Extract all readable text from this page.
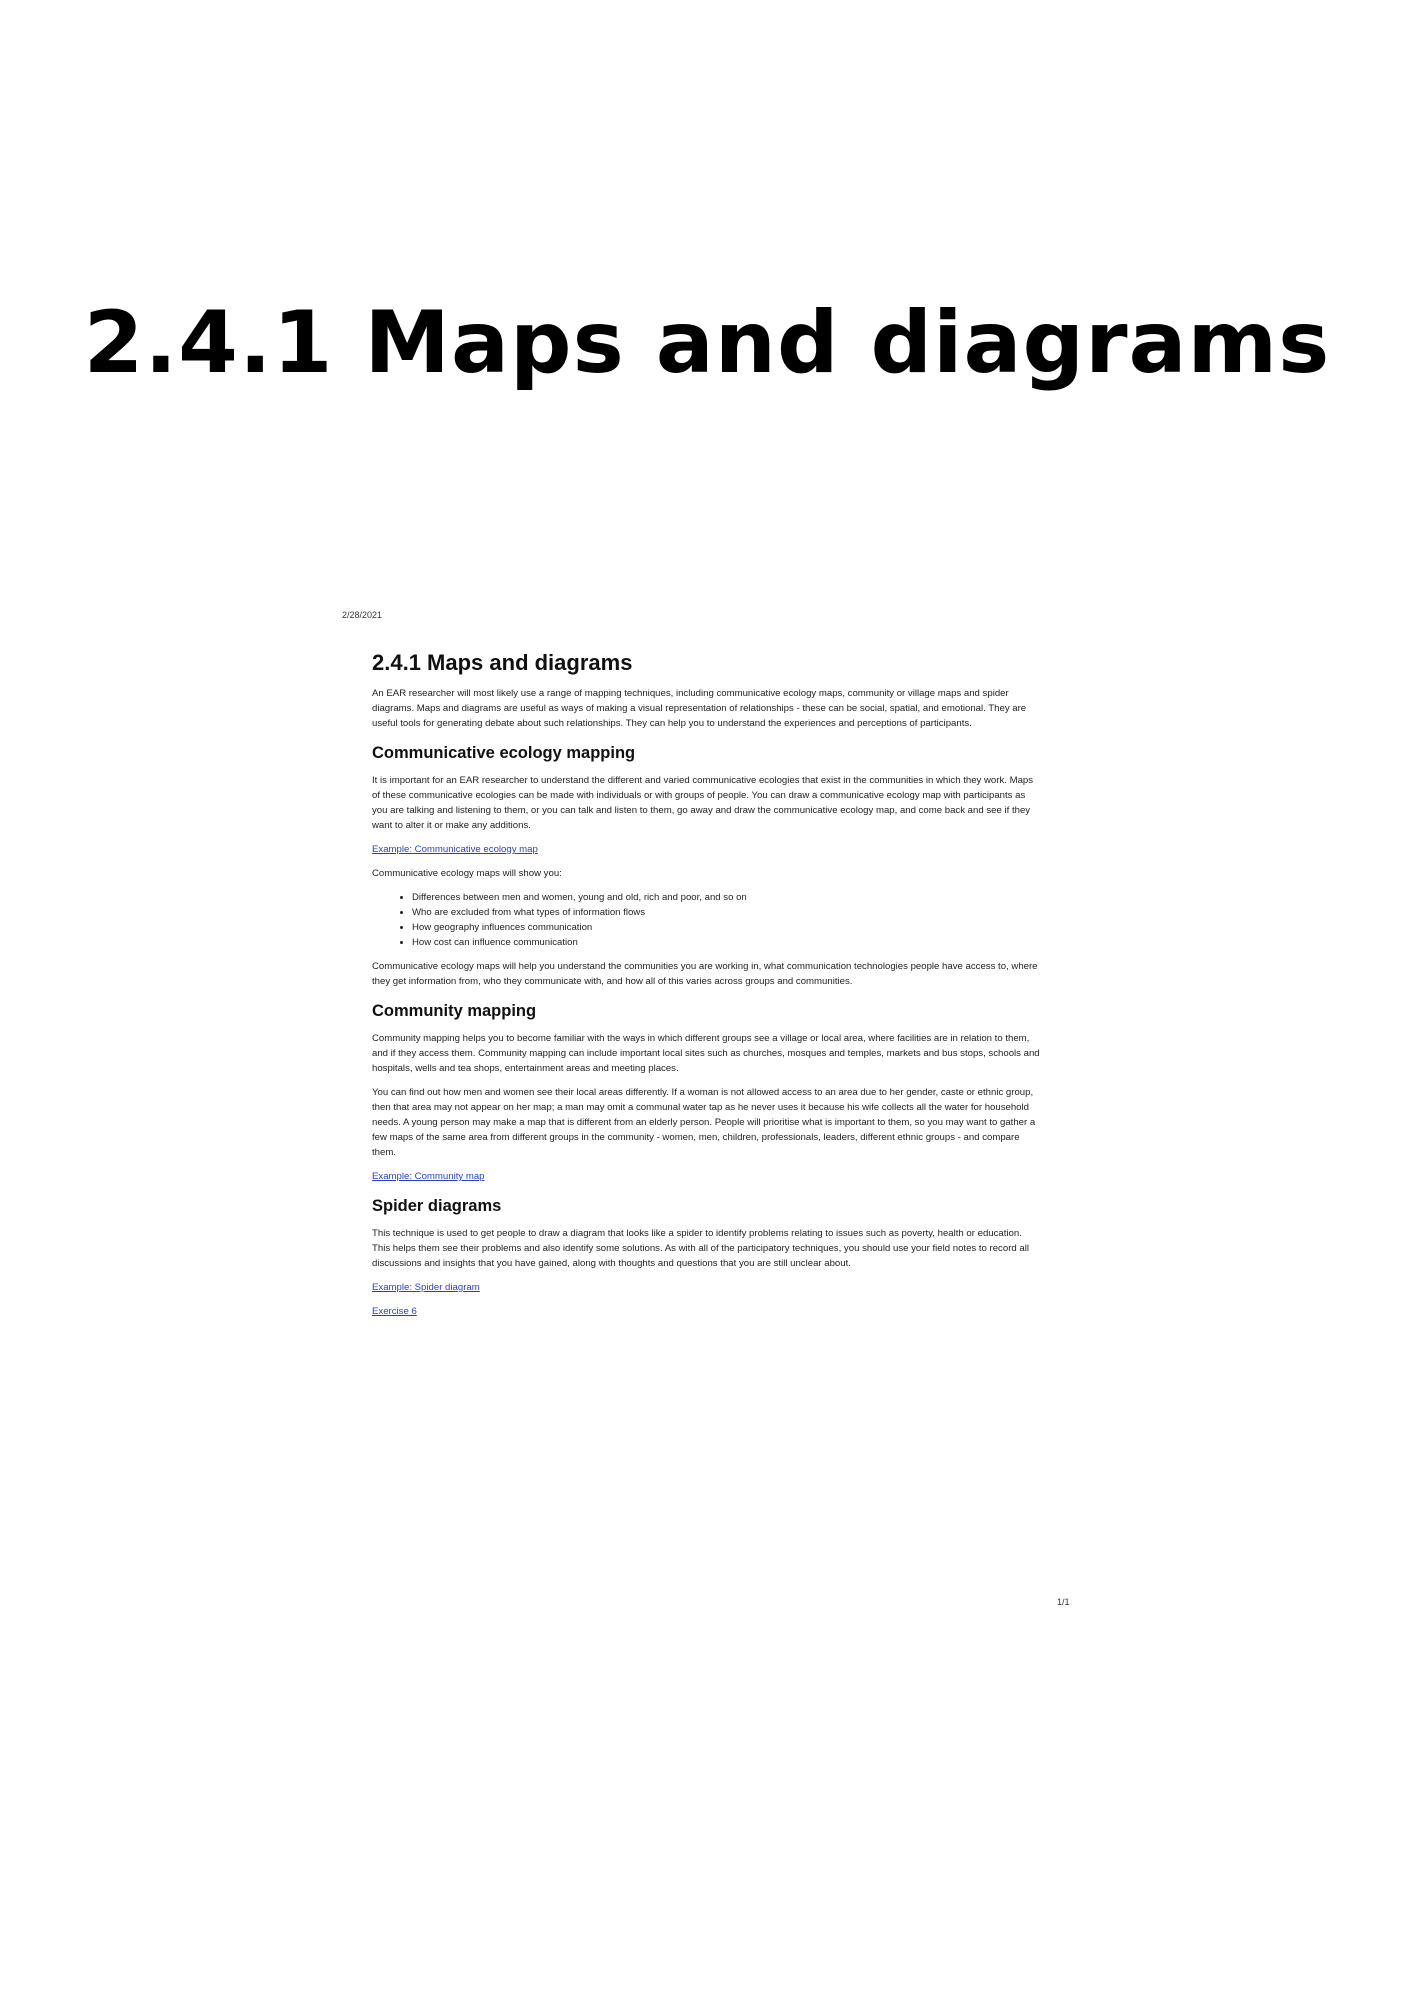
2.4.1 Maps and diagrams
2/28/2021
2.4.1 Maps and diagrams

An EAR researcher will most likely use a range of mapping techniques, including communicative ecology maps, community or village maps and spider diagrams. Maps and diagrams are useful as ways of making a visual representation of relationships - these can be social, spatial, and emotional. They are useful tools for generating debate about such relationships. They can help you to understand the experiences and perceptions of participants.

Communicative ecology mapping

It is important for an EAR researcher to understand the different and varied communicative ecologies that exist in the communities in which they work. Maps of these communicative ecologies can be made with individuals or with groups of people. You can draw a communicative ecology map with participants as you are talking and listening to them, or you can talk and listen to them, go away and draw the communicative ecology map, and come back and see if they want to alter it or make any additions.

Example: Communicative ecology map

Communicative ecology maps will show you:

• Differences between men and women, young and old, rich and poor, and so on
• Who are excluded from what types of information flows
• How geography influences communication
• How cost can influence communication

Communicative ecology maps will help you understand the communities you are working in, what communication technologies people have access to, where they get information from, who they communicate with, and how all of this varies across groups and communities.

Community mapping

Community mapping helps you to become familiar with the ways in which different groups see a village or local area, where facilities are in relation to them, and if they access them. Community mapping can include important local sites such as churches, mosques and temples, markets and bus stops, schools and hospitals, wells and tea shops, entertainment areas and meeting places.

You can find out how men and women see their local areas differently. If a woman is not allowed access to an area due to her gender, caste or ethnic group, then that area may not appear on her map; a man may omit a communal water tap as he never uses it because his wife collects all the water for household needs. A young person may make a map that is different from an elderly person. People will prioritise what is important to them, so you may want to gather a few maps of the same area from different groups in the community - women, men, children, professionals, leaders, different ethnic groups - and compare them.

Example: Community map

Spider diagrams

This technique is used to get people to draw a diagram that looks like a spider to identify problems relating to issues such as poverty, health or education. This helps them see their problems and also identify some solutions. As with all of the participatory techniques, you should use your field notes to record all discussions and insights that you have gained, along with thoughts and questions that you are still unclear about.

Example: Spider diagram

Exercise 6

1/1
